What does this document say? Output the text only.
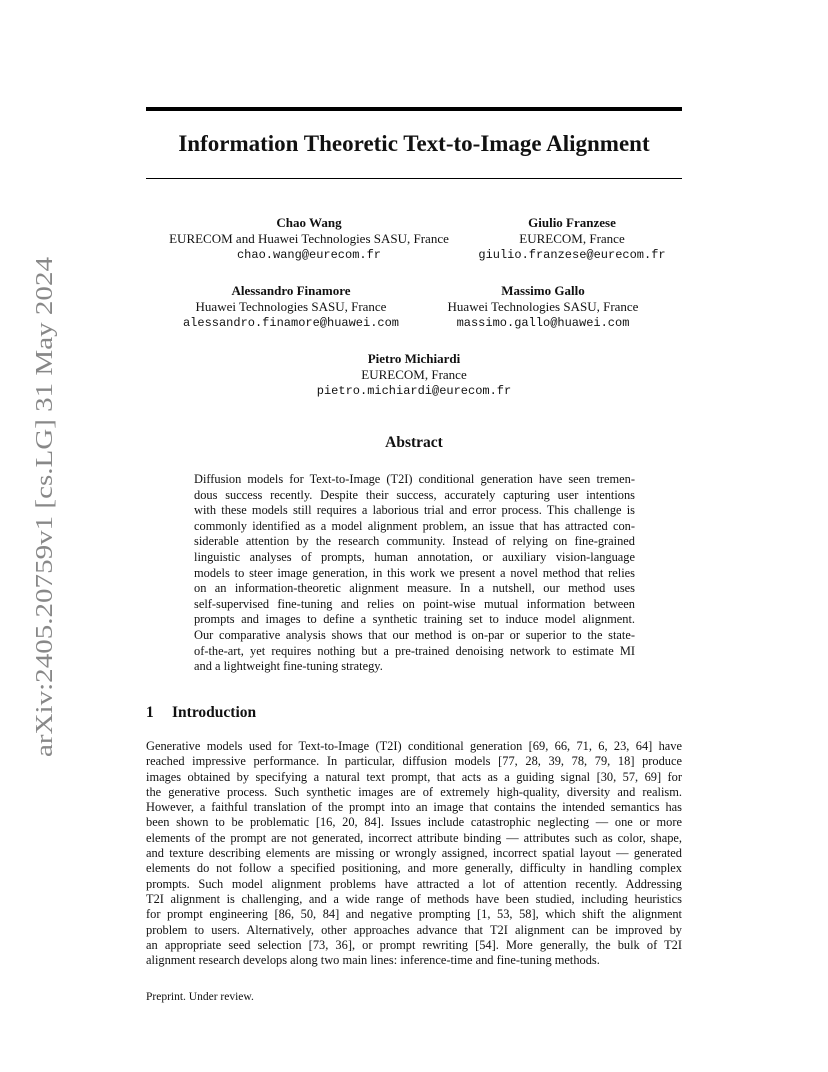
arXiv:2405.20759v1 [cs.LG] 31 May 2024
Information Theoretic Text-to-Image Alignment
Chao Wang
EURECOM and Huawei Technologies SASU, France
chao.wang@eurecom.fr
Giulio Franzese
EURECOM, France
giulio.franzese@eurecom.fr
Alessandro Finamore
Huawei Technologies SASU, France
alessandro.finamore@huawei.com
Massimo Gallo
Huawei Technologies SASU, France
massimo.gallo@huawei.com
Pietro Michiardi
EURECOM, France
pietro.michiardi@eurecom.fr
Abstract
Diffusion models for Text-to-Image (T2I) conditional generation have seen tremen-
dous success recently. Despite their success, accurately capturing user intentions
with these models still requires a laborious trial and error process. This challenge is
commonly identified as a model alignment problem, an issue that has attracted con-
siderable attention by the research community. Instead of relying on fine-grained
linguistic analyses of prompts, human annotation, or auxiliary vision-language
models to steer image generation, in this work we present a novel method that relies
on an information-theoretic alignment measure. In a nutshell, our method uses
self-supervised fine-tuning and relies on point-wise mutual information between
prompts and images to define a synthetic training set to induce model alignment.
Our comparative analysis shows that our method is on-par or superior to the state-
of-the-art, yet requires nothing but a pre-trained denoising network to estimate MI
and a lightweight fine-tuning strategy.
1 Introduction
Generative models used for Text-to-Image (T2I) conditional generation [69, 66, 71, 6, 23, 64] have
reached impressive performance. In particular, diffusion models [77, 28, 39, 78, 79, 18] produce
images obtained by specifying a natural text prompt, that acts as a guiding signal [30, 57, 69] for
the generative process. Such synthetic images are of extremely high-quality, diversity and realism.
However, a faithful translation of the prompt into an image that contains the intended semantics has
been shown to be problematic [16, 20, 84]. Issues include catastrophic neglecting — one or more
elements of the prompt are not generated, incorrect attribute binding — attributes such as color, shape,
and texture describing elements are missing or wrongly assigned, incorrect spatial layout — generated
elements do not follow a specified positioning, and more generally, difficulty in handling complex
prompts. Such model alignment problems have attracted a lot of attention recently. Addressing
T2I alignment is challenging, and a wide range of methods have been studied, including heuristics
for prompt engineering [86, 50, 84] and negative prompting [1, 53, 58], which shift the alignment
problem to users. Alternatively, other approaches advance that T2I alignment can be improved by
an appropriate seed selection [73, 36], or prompt rewriting [54]. More generally, the bulk of T2I
alignment research develops along two main lines: inference-time and fine-tuning methods.

Preprint. Under review.
